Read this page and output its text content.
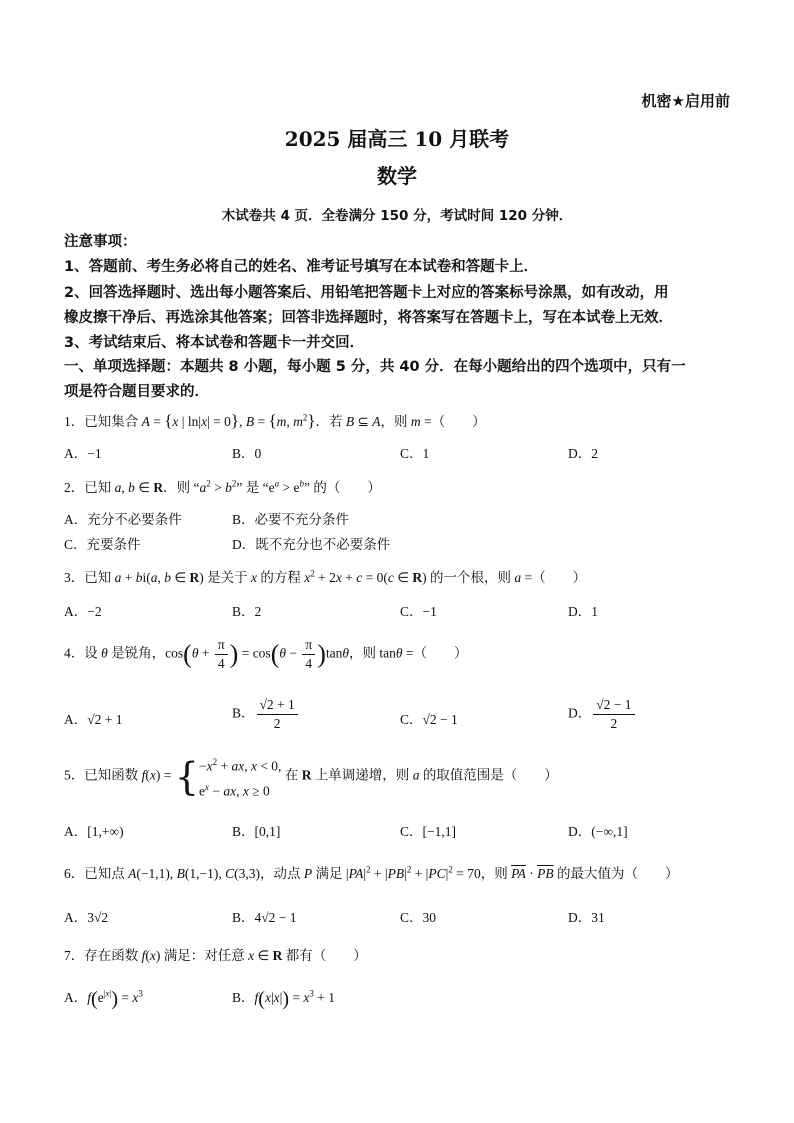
机密★启用前
2025 届高三 10 月联考
数学
木试卷共 4 页．全卷满分 150 分，考试时间 120 分钟．
注意事项：
1、答题前、考生务必将自己的姓名、准考证号填写在本试卷和答题卡上．
2、回答选择题时、选出每小题答案后、用铅笔把答题卡上对应的答案标号涂黑，如有改动，用
橡皮擦干净后、再选涂其他答案；回答非选择题时，将答案写在答题卡上，写在本试卷上无效．
3、考试结束后、将本试卷和答题卡一并交回．
一、单项选择题：本题共 8 小题，每小题 5 分，共 40 分．在每小题给出的四个选项中，只有一
项是符合题目要求的．
1．已知集合 A = {x | ln|x| = 0}, B = {m, $m^2$}．若 B ⊆ A，则 m =（　　）
A．−1	B．0	C．1	D．2
2．已知 a, b ∈ R．则 “$a^2 > b^2$” 是 “$e^a > e^b$” 的（　　）
A．充分不必要条件	B．必要不充分条件
C．充要条件	D．既不充分也不必要条件
3．已知 a + bi(a, b ∈ R) 是关于 x 的方程 $x^2 + 2x + c = 0(c$ ∈ R) 的一个根，则 a =（　　）
A．−2	B．2	C．−1	D．1
4．设 θ 是锐角，$\cos(\theta + \frac{\pi}{4}$ ) = $\cos(\theta - \frac{\pi}{4} )\tan\theta$，则 tanθ =（　　）
A．√2 + 1	B． $\frac{√2 + 1}{2}$	C．√2 − 1	D． $\frac{√2 - 1}{2}$
5．已知函数 $f(x) = \{-x^2$ + ax, x < 0,
$e^x$ − ax, x ≥ 0 在 R 上单调递增，则 a 的取值范围是（　　）
A．[1,+∞)	B．[0,1]	C．[−1,1]	D．(−∞,1]
6．已知点 A(−1,1), B(1,−1), C(3,3)，动点 P 满足 $|PA|^2 + |PB|^2 + |PC|^2 = 70$，则 $\overline{PA} \cdot \overline{PB}$ 的最大值为（　　）
A．3√2	B．4√2 − 1	C．30	D．31
7．存在函数 f(x) 满足：对任意 x ∈ R 都有（　　）
A．$f(e^{|x|}) = x^3$	B．$f(x|x|) = x^3 + 1$
